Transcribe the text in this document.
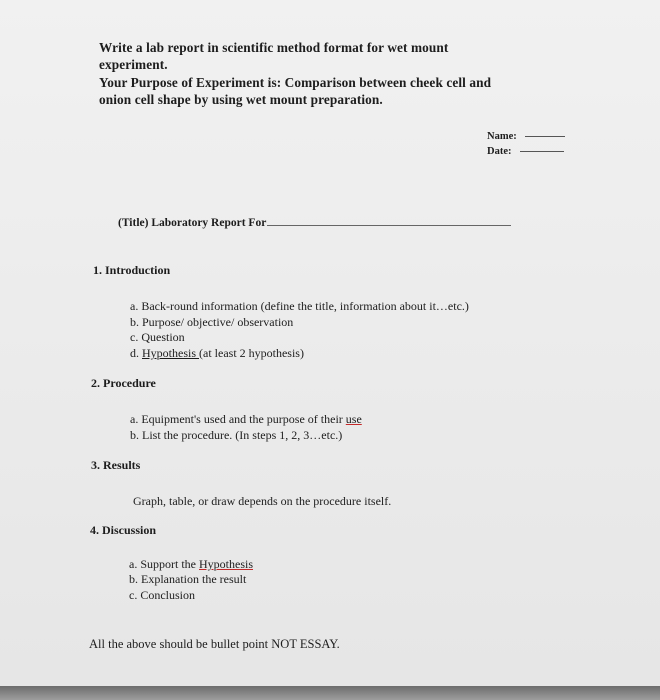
Write a lab report in scientific method format for wet mount
experiment.
Your Purpose of Experiment is: Comparison between cheek cell and
onion cell shape by using wet mount preparation.
Name:
Date:
(Title) Laboratory Report For
1. Introduction
a. Back-round information (define the title, information about it…etc.)
b. Purpose/ objective/ observation
c. Question
d. Hypothesis (at least 2 hypothesis)
2. Procedure
a. Equipment's used and the purpose of their use
b. List the procedure. (In steps 1, 2, 3…etc.)
3. Results
Graph, table, or draw depends on the procedure itself.
4. Discussion
a. Support the Hypothesis
b. Explanation the result
c. Conclusion
All the above should be bullet point NOT ESSAY.
